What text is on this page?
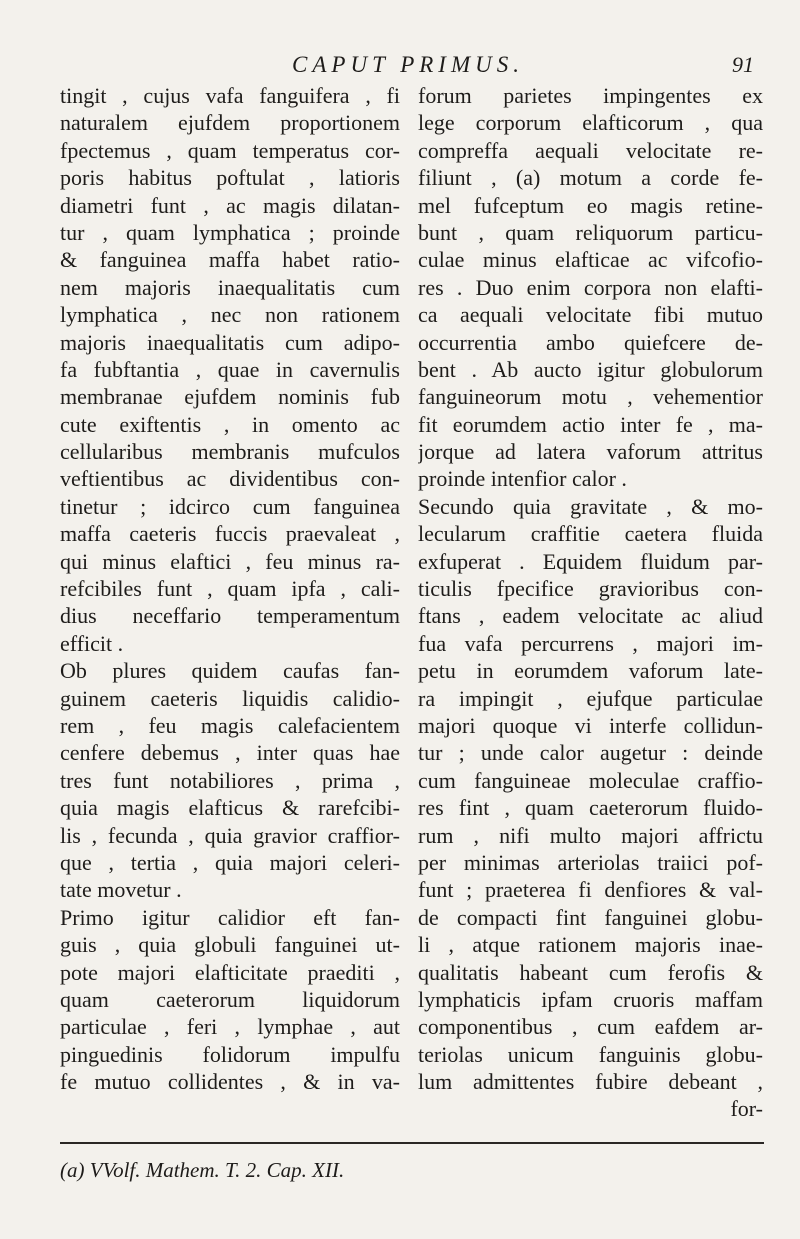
CAPUT PRIMUS.	91
tingit , cujus vafa fanguifera , fi
naturalem ejufdem proportionem
fpectemus , quam temperatus cor-
poris habitus poftulat , latioris
diametri funt , ac magis dilatan-
tur , quam lymphatica ; proinde
& fanguinea maffa habet ratio-
nem majoris inaequalitatis cum
lymphatica , nec non rationem
majoris inaequalitatis cum adipo-
fa fubftantia , quae in cavernulis
membranae ejufdem nominis fub
cute exiftentis , in omento ac
cellularibus membranis mufculos
veftientibus ac dividentibus con-
tinetur ; idcirco cum fanguinea
maffa caeteris fuccis praevaleat ,
qui minus elaftici , feu minus ra-
refcibiles funt , quam ipfa , cali-
dius neceffario temperamentum
efficit .
Ob plures quidem caufas fan-
guinem caeteris liquidis calidio-
rem , feu magis calefacientem
cenfere debemus , inter quas hae
tres funt notabiliores , prima ,
quia magis elafticus & rarefcibi-
lis , fecunda , quia gravior craffior-
que , tertia , quia majori celeri-
tate movetur .
Primo igitur calidior eft fan-
guis , quia globuli fanguinei ut-
pote majori elafticitate praediti ,
quam caeterorum liquidorum
particulae , feri , lymphae , aut
pinguedinis folidorum impulfu
fe mutuo collidentes , & in va-
forum parietes impingentes ex
lege corporum elafticorum , qua
compreffa aequali velocitate re-
filiunt , (a) motum a corde fe-
mel fufceptum eo magis retine-
bunt , quam reliquorum particu-
culae minus elafticae ac vifcofio-
res . Duo enim corpora non elafti-
ca aequali velocitate fibi mutuo
occurrentia ambo quiefcere de-
bent . Ab aucto igitur globulorum
fanguineorum motu , vehementior
fit eorumdem actio inter fe , ma-
jorque ad latera vaforum attritus
proinde intenfior calor .
Secundo quia gravitate , & mo-
lecularum craffitie caetera fluida
exfuperat . Equidem fluidum par-
ticulis fpecifice gravioribus con-
ftans , eadem velocitate ac aliud
fua vafa percurrens , majori im-
petu in eorumdem vaforum late-
ra impingit , ejufque particulae
majori quoque vi interfe collidun-
tur ; unde calor augetur : deinde
cum fanguineae moleculae craffio-
res fint , quam caeterorum fluido-
rum , nifi multo majori affrictu
per minimas arteriolas traiici pof-
funt ; praeterea fi denfiores & val-
de compacti fint fanguinei globu-
li , atque rationem majoris inae-
qualitatis habeant cum ferofis &
lymphaticis ipfam cruoris maffam
componentibus , cum eafdem ar-
teriolas unicum fanguinis globu-
lum admittentes fubire debeant ,
for-
(a) VVolf. Mathem. T. 2. Cap. XII.
